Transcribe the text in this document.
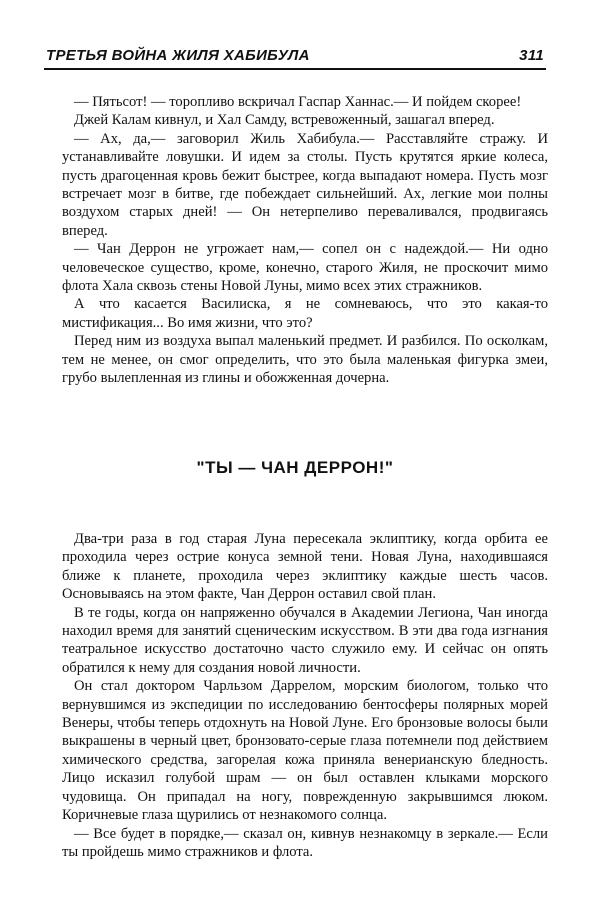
ТРЕТЬЯ ВОЙНА ЖИЛЯ ХАБИБУЛА	311

— Пятьсот! — торопливо вскричал Гаспар Ханнас.— И пойдем скорее!

Джей Калам кивнул, и Хал Самду, встревоженный, зашагал вперед.

— Ах, да,— заговорил Жиль Хабибула.— Расставляйте стражу. И устанавливайте ловушки. И идем за столы. Пусть крутятся яркие колеса, пусть драгоценная кровь бежит быстрее, когда выпадают номера. Пусть мозг встречает мозг в битве, где побеждает сильнейший. Ах, легкие мои полны воздухом старых дней! — Он нетерпеливо переваливался, продвигаясь вперед.

— Чан Деррон не угрожает нам,— сопел он с надеждой.— Ни одно человеческое существо, кроме, конечно, старого Жиля, не проскочит мимо флота Хала сквозь стены Новой Луны, мимо всех этих стражников.

А что касается Василиска, я не сомневаюсь, что это какая-то мистификация... Во имя жизни, что это?

Перед ним из воздуха выпал маленький предмет. И разбился. По осколкам, тем не менее, он смог определить, что это была маленькая фигурка змеи, грубо вылепленная из глины и обожженная дочерна.

"ТЫ — ЧАН ДЕРРОН!"

Два-три раза в год старая Луна пересекала эклиптику, когда орбита ее проходила через острие конуса земной тени. Новая Луна, находившаяся ближе к планете, проходила через эклиптику каждые шесть часов. Основываясь на этом факте, Чан Деррон оставил свой план.

В те годы, когда он напряженно обучался в Академии Легиона, Чан иногда находил время для занятий сценическим искусством. В эти два года изгнания театральное искусство достаточно часто служило ему. И сейчас он опять обратился к нему для создания новой личности.

Он стал доктором Чарльзом Даррелом, морским биологом, только что вернувшимся из экспедиции по исследованию бентосферы полярных морей Венеры, чтобы теперь отдохнуть на Новой Луне. Его бронзовые волосы были выкрашены в черный цвет, бронзовато-серые глаза потемнели под действием химического средства, загорелая кожа приняла венерианскую бледность. Лицо исказил голубой шрам — он был оставлен клыками морского чудовища. Он припадал на ногу, поврежденную закрывшимся люком. Коричневые глаза щурились от незнакомого солнца.

— Все будет в порядке,— сказал он, кивнув незнакомцу в зеркале.— Если ты пройдешь мимо стражников и флота.
